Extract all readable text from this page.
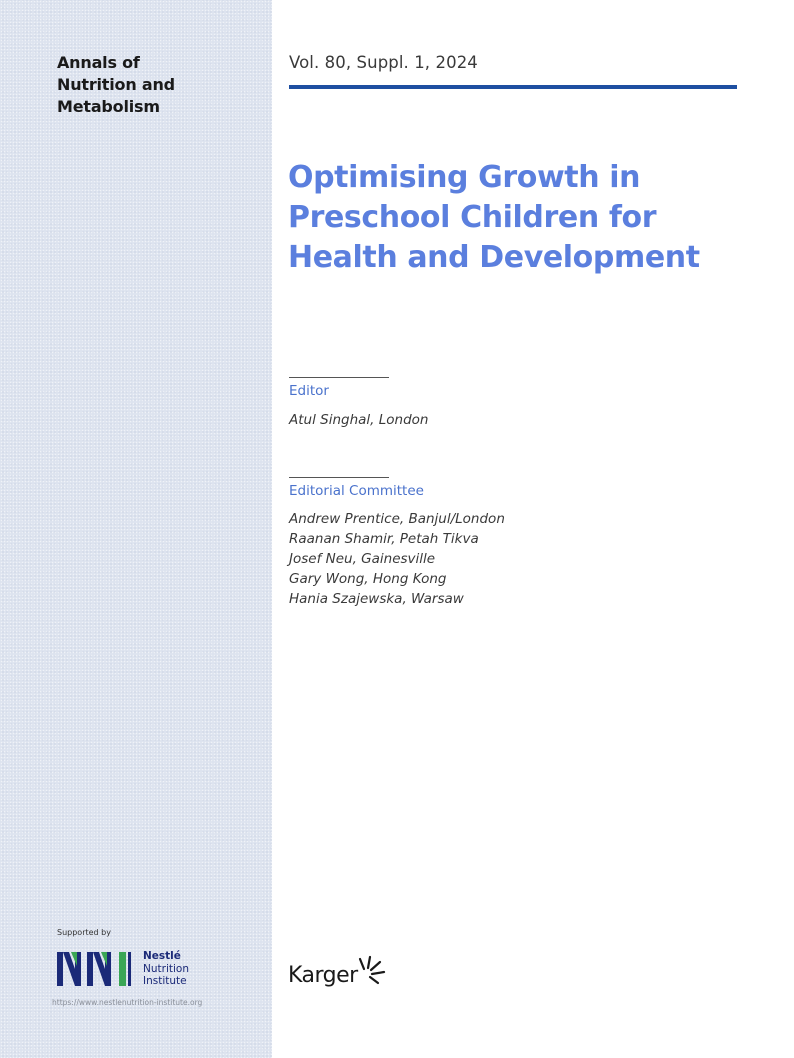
Annals of
Nutrition and
Metabolism
Supported by
Nestlé
Nutrition
Institute
https://www.nestlenutrition-institute.org
Vol. 80, Suppl. 1, 2024
Optimising Growth in
Preschool Children for
Health and Development
Editor
Atul Singhal, London
Editorial Committee
Andrew Prentice, Banjul/London
Raanan Shamir, Petah Tikva
Josef Neu, Gainesville
Gary Wong, Hong Kong
Hania Szajewska, Warsaw
Karger
